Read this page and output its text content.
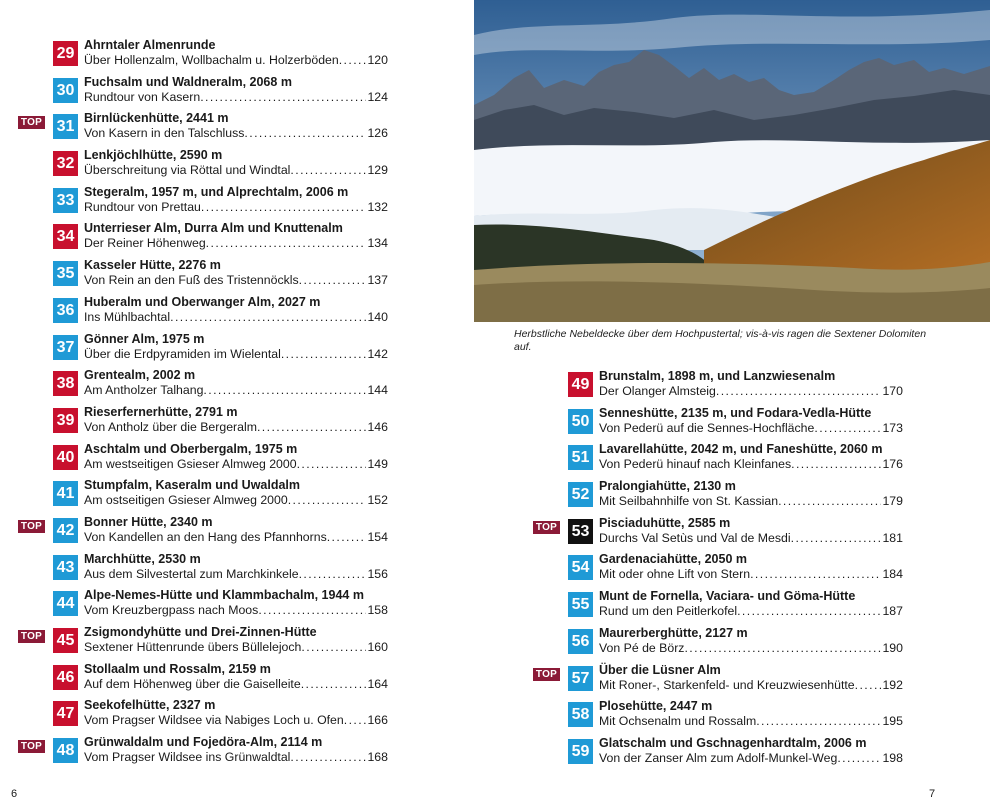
29 Ahrntaler Almenrunde
Über Hollenzalm, Wollbachalm u. Holzerböden . . . 120
30 Fuchsalm und Waldneralm, 2068 m
Rundtour von Kasern . . .	124
TOP 31 Birnlückenhütte, 2441 m
Von Kasern in den Talschluss . . .	126
32 Lenkjöchlhütte, 2590 m
Überschreitung via Röttal und Windtal . . .	129
33 Stegeralm, 1957 m, und Alprechtalm, 2006 m
Rundtour von Prettau . . .	132
34 Unterrieser Alm, Durra Alm und Knuttenalm
Der Reiner Höhenweg . . .	134
35 Kasseler Hütte, 2276 m
Von Rein an den Fuß des Tristennöckls . . .	137
36 Huberalm und Oberwanger Alm, 2027 m
Ins Mühlbachtal . . .	140
37 Gönner Alm, 1975 m
Über die Erdpyramiden im Wielental . . .	142
38 Grentealm, 2002 m
Am Antholzer Talhang . . .	144
39 Rieserfernerhütte, 2791 m
Von Antholz über die Bergeralm . . .	146
40 Aschtalm und Oberbergalm, 1975 m
Am westseitigen Gsieser Almweg 2000 . . .	149
41 Stumpfalm, Kaseralm und Uwaldalm
Am ostseitigen Gsieser Almweg 2000 . . .	152
TOP 42 Bonner Hütte, 2340 m
Von Kandellen an den Hang des Pfannhorns . . .	154
43 Marchhütte, 2530 m
Aus dem Silvestertal zum Marchkinkele . . .	156
44 Alpe-Nemes-Hütte und Klammbachalm, 1944 m
Vom Kreuzbergpass nach Moos . . .	158
TOP 45 Zsigmondyhütte und Drei-Zinnen-Hütte
Sextener Hüttenrunde übers Büllelejoch . . .	160
46 Stollaalm und Rossalm, 2159 m
Auf dem Höhenweg über die Gaiselleite . . .	164
47 Seekofelhütte, 2327 m
Vom Pragser Wildsee via Nabiges Loch u. Ofen . . . 166
TOP 48 Grünwaldalm und Fojedöra-Alm, 2114 m
Vom Pragser Wildsee ins Grünwaldtal . . .	168
Herbstliche Nebeldecke über dem Hochpustertal; vis-à-vis ragen die Sextener Dolomiten auf.
49 Brunstalm, 1898 m, und Lanzwiesenalm
Der Olanger Almsteig . . .	170
50 Senneshütte, 2135 m, und Fodara-Vedla-Hütte
Von Pederü auf die Sennes-Hochfläche . . .	173
51 Lavarellahütte, 2042 m, und Faneshütte, 2060 m
Von Pederü hinauf nach Kleinfanes . . .	176
52 Pralongiahütte, 2130 m
Mit Seilbahnhilfe von St. Kassian . . .	179
TOP 53 Pisciaduhütte, 2585 m
Durchs Val Setùs und Val de Mesdi . . .	181
54 Gardenaciahütte, 2050 m
Mit oder ohne Lift von Stern . . .	184
55 Munt de Fornella, Vaciara- und Göma-Hütte
Rund um den Peitlerkofel . . .	187
56 Maurerberghütte, 2127 m
Von Pé de Börz . . .	190
TOP 57 Über die Lüsner Alm
Mit Roner-, Starkenfeld- und Kreuzwiesenhütte . . . 192
58 Plosehütte, 2447 m
Mit Ochsenalm und Rossalm . . .	195
59 Glatschalm und Gschnagenhardtalm, 2006 m
Von der Zanser Alm zum Adolf-Munkel-Weg . . .	198
6	7
